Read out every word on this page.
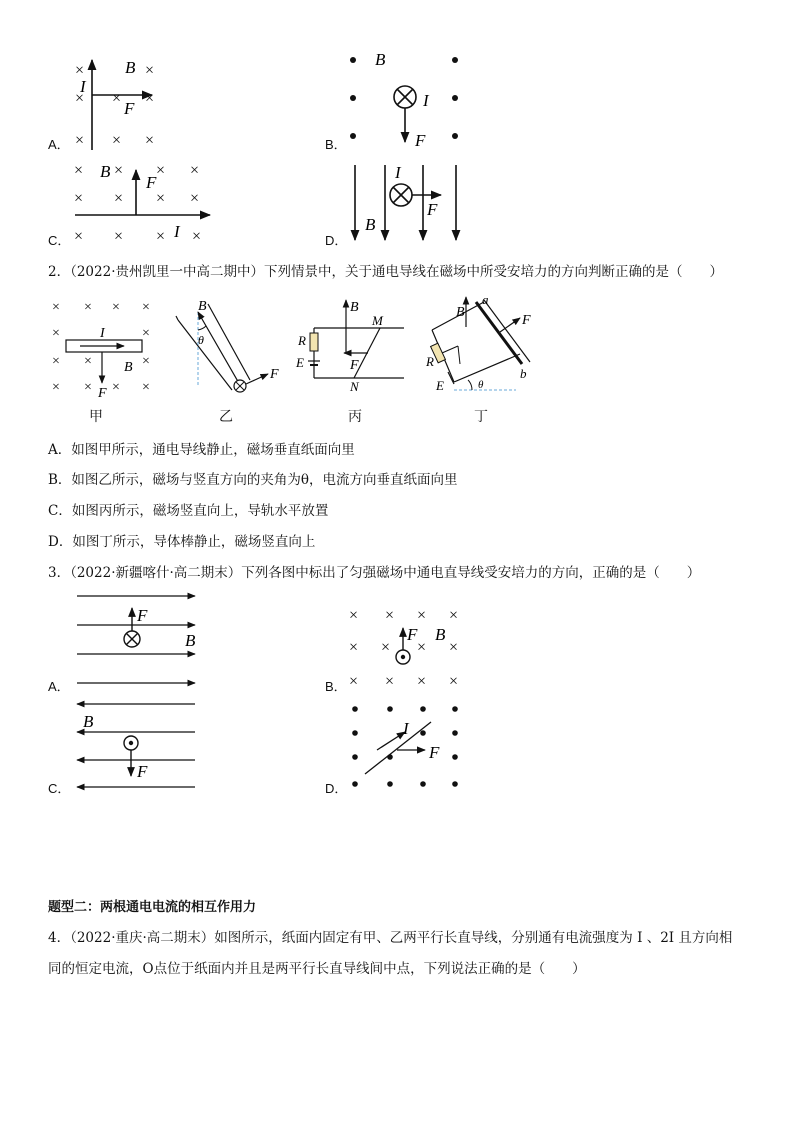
×
× ×
×
×
× ×
×
B
I
F
A．
B
I
F
B．
×	×
×
× × × ×
× × × ×
×
B
F
I
C．
I
F
B
D．
2．（2022·贵州凯里一中高二期中）下列情景中，关于通电导线在磁场中所受安培力的方向判断正确的是（　　）
× × × ×
×	×
× ×	×
× × × ×
I
B
F
甲
B
θ
F
乙
B
M
R
E	F
N
丙
B
a
F
R
E	θ
b
丁
A．如图甲所示，通电导线静止，磁场垂直纸面向里
B．如图乙所示，磁场与竖直方向的夹角为θ，电流方向垂直纸面向里
C．如图丙所示，磁场竖直向上，导轨水平放置
D．如图丁所示，导体棒静止，磁场竖直向上
3．（2022·新疆喀什·高二期末）下列各图中标出了匀强磁场中通电直导线受安培力的方向，正确的是（　　）
F
B
A．
× × × ×
× × × ×
× × × ×
F B
B．
B
F
C．
I
F
D．
题型二：两根通电电流的相互作用力
4．（2022·重庆·高二期末）如图所示，纸面内固定有甲、乙两平行长直导线，分别通有电流强度为 I 、2I 且方向相
同的恒定电流，O点位于纸面内并且是两平行长直导线间中点，下列说法正确的是（　　）
